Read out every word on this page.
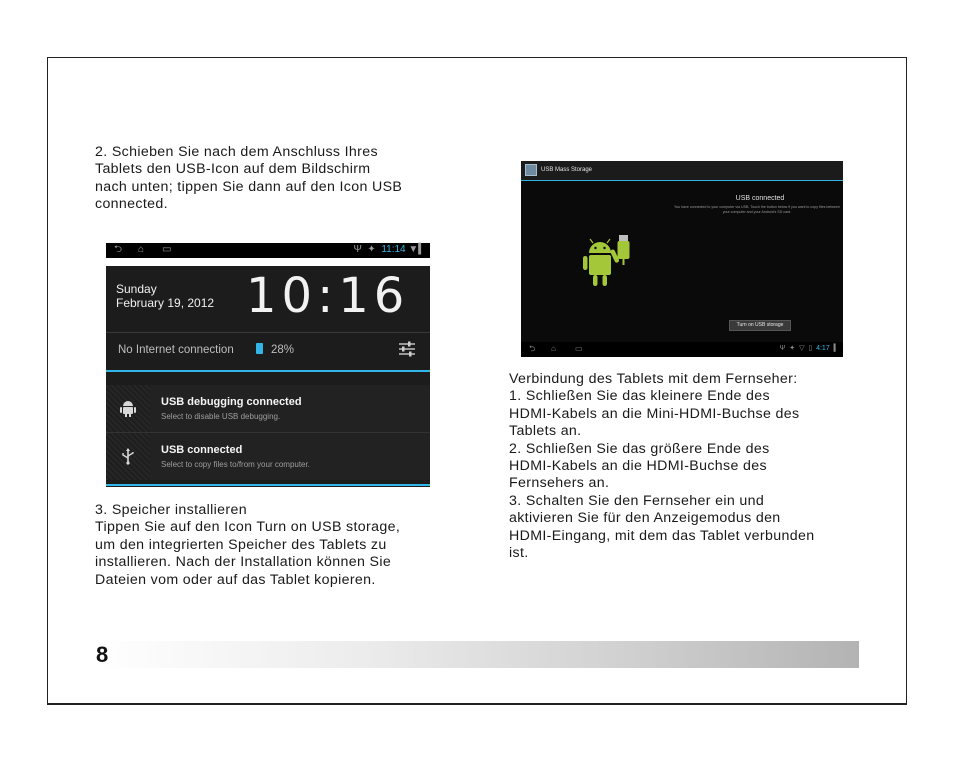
2. Schieben Sie nach dem Anschluss Ihres
Tablets den USB-Icon auf dem Bildschirm
nach unten; tippen Sie dann auf den Icon USB
connected.
⮌ ⌂ ▭	Ψ ✦ 11:14 ▼▍
Sunday
February 19, 2012 10:16
No Internet connection	28%
USB debugging connected
Select to disable USB debugging.
USB connected
Select to copy files to/from your computer.
3. Speicher installieren
Tippen Sie auf den Icon Turn on USB storage,
um den integrierten Speicher des Tablets zu
installieren. Nach der Installation können Sie
Dateien vom oder auf das Tablet kopieren.
USB Mass Storage
USB connected
You have connected to your computer via USB. Touch the button below if you want to copy files between your computer and your Android's SD card.
Turn on USB storage
⮌ ⌂ ▭	Ψ ✦ ▽ ▯ 4:17 ▍
Verbindung des Tablets mit dem Fernseher:
1. Schließen Sie das kleinere Ende des
HDMI-Kabels an die Mini-HDMI-Buchse des
Tablets an.
2. Schließen Sie das größere Ende des
HDMI-Kabels an die HDMI-Buchse des
Fernsehers an.
3. Schalten Sie den Fernseher ein und
aktivieren Sie für den Anzeigemodus den
HDMI-Eingang, mit dem das Tablet verbunden
ist.
8
